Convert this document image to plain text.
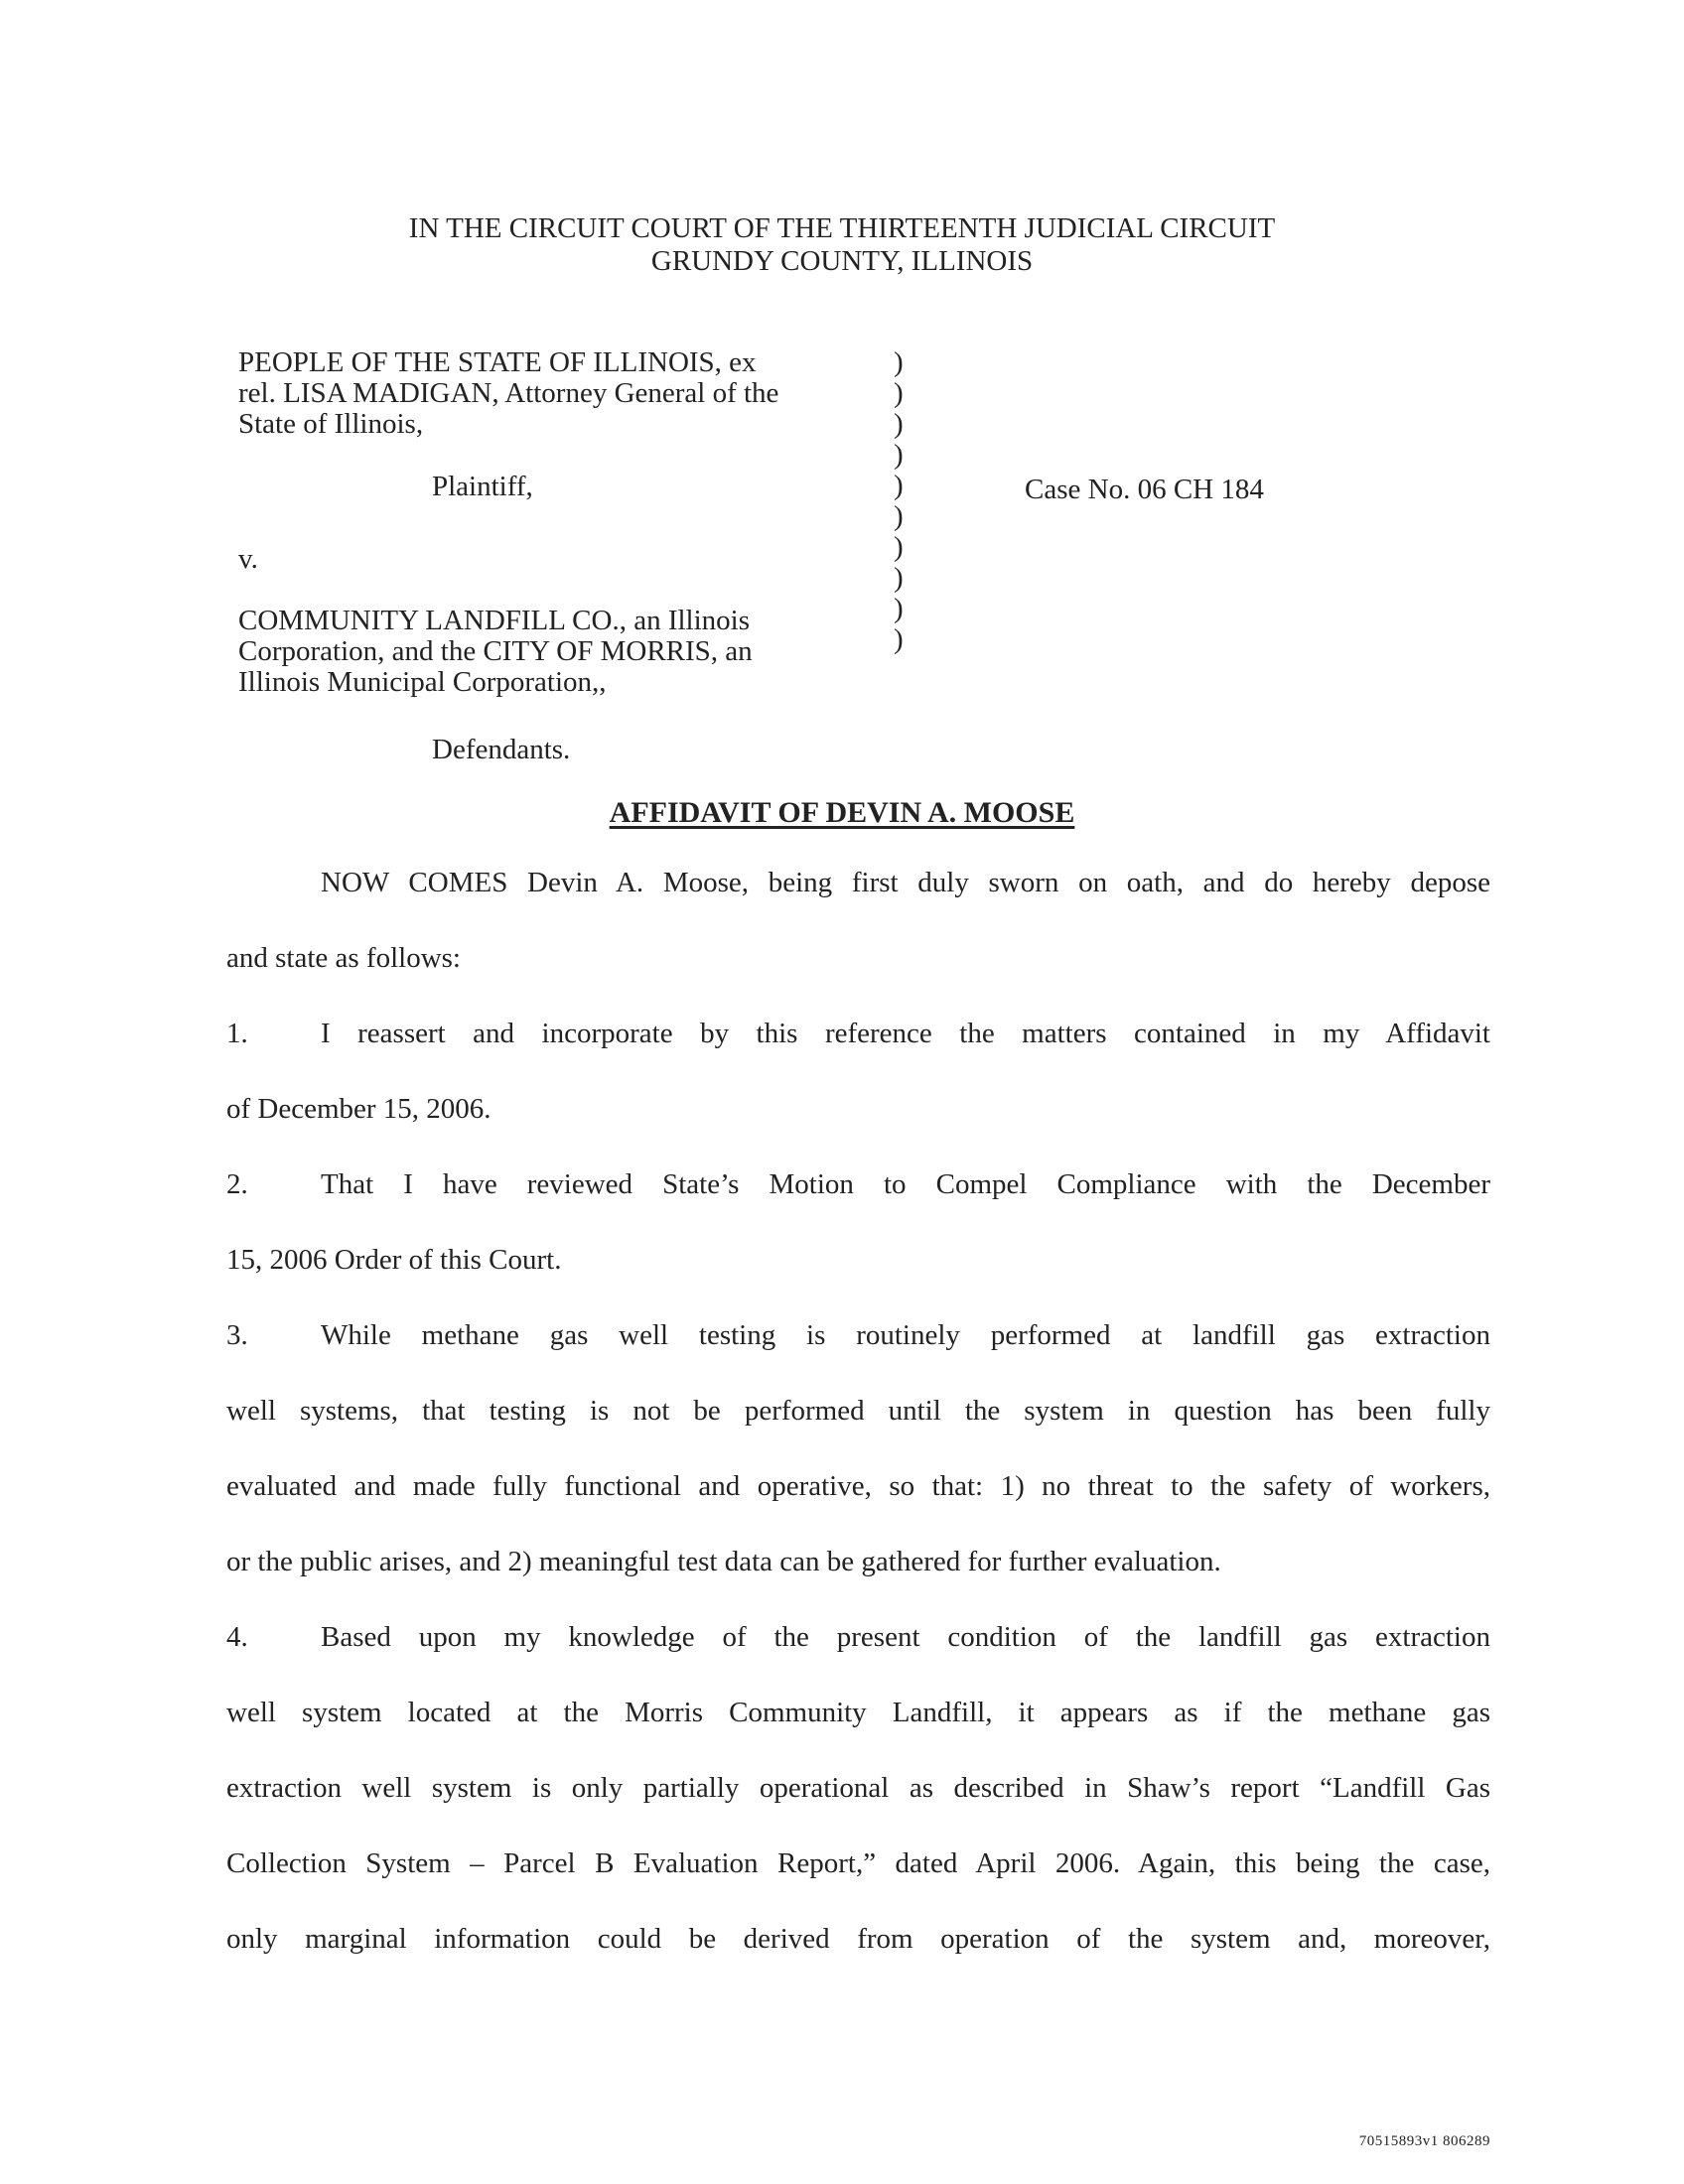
IN THE CIRCUIT COURT OF THE THIRTEENTH JUDICIAL CIRCUIT
GRUNDY COUNTY, ILLINOIS
PEOPLE OF THE STATE OF ILLINOIS, ex
rel. LISA MADIGAN, Attorney General of the
State of Illinois,
Plaintiff,
v.
COMMUNITY LANDFILL CO., an Illinois
Corporation, and the CITY OF MORRIS, an
Illinois Municipal Corporation,,
Defendants.
)
)
)
)
)
)
)
)
)
)
Case No. 06 CH 184
AFFIDAVIT OF DEVIN A. MOOSE
NOW COMES Devin A. Moose, being first duly sworn on oath, and do hereby depose
and state as follows:
1.	I reassert and incorporate by this reference the matters contained in my Affidavit
of December 15, 2006.
2.	That I have reviewed State’s Motion to Compel Compliance with the December
15, 2006 Order of this Court.
3.	While methane gas well testing is routinely performed at landfill gas extraction
well systems, that testing is not be performed until the system in question has been fully
evaluated and made fully functional and operative, so that: 1) no threat to the safety of workers,
or the public arises, and 2) meaningful test data can be gathered for further evaluation.
4.	Based upon my knowledge of the present condition of the landfill gas extraction
well system located at the Morris Community Landfill, it appears as if the methane gas
extraction well system is only partially operational as described in Shaw’s report “Landfill Gas
Collection System – Parcel B Evaluation Report,” dated April 2006. Again, this being the case,
only marginal information could be derived from operation of the system and, moreover,
70515893v1 806289
